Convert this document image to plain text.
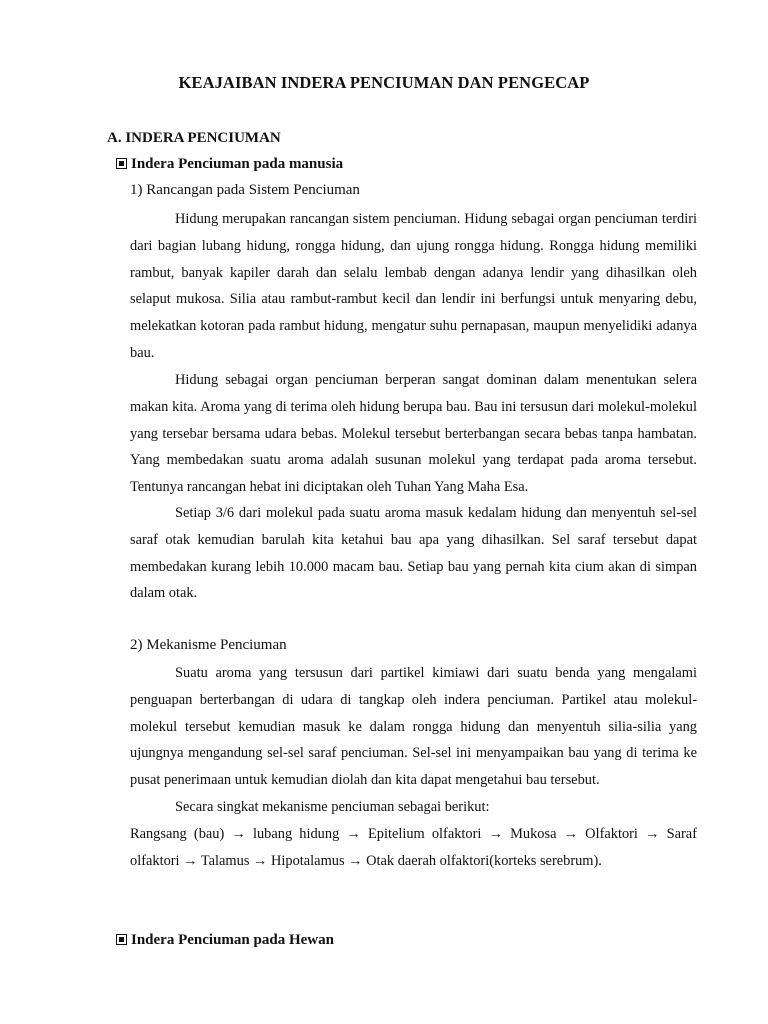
KEAJAIBAN INDERA PENCIUMAN DAN PENGECAP
A. INDERA PENCIUMAN
Indera Penciuman pada manusia
1) Rancangan pada Sistem Penciuman

Hidung merupakan rancangan sistem penciuman. Hidung sebagai organ penciuman terdiri dari bagian lubang hidung, rongga hidung, dan ujung rongga hidung. Rongga hidung memiliki rambut, banyak kapiler darah dan selalu lembab dengan adanya lendir yang dihasilkan oleh selaput mukosa. Silia atau rambut-rambut kecil dan lendir ini berfungsi untuk menyaring debu, melekatkan kotoran pada rambut hidung, mengatur suhu pernapasan, maupun menyelidiki adanya bau.

Hidung sebagai organ penciuman berperan sangat dominan dalam menentukan selera makan kita. Aroma yang di terima oleh hidung berupa bau. Bau ini tersusun dari molekul-molekul yang tersebar bersama udara bebas. Molekul tersebut berterbangan secara bebas tanpa hambatan. Yang membedakan suatu aroma adalah susunan molekul yang terdapat pada aroma tersebut. Tentunya rancangan hebat ini diciptakan oleh Tuhan Yang Maha Esa.

Setiap 3/6 dari molekul pada suatu aroma masuk kedalam hidung dan menyentuh sel-sel saraf otak kemudian barulah kita ketahui bau apa yang dihasilkan. Sel saraf tersebut dapat membedakan kurang lebih 10.000 macam bau. Setiap bau yang pernah kita cium akan di simpan dalam otak.

2) Mekanisme Penciuman

Suatu aroma yang tersusun dari partikel kimiawi dari suatu benda yang mengalami penguapan berterbangan di udara di tangkap oleh indera penciuman. Partikel atau molekul-molekul tersebut kemudian masuk ke dalam rongga hidung dan menyentuh silia-silia yang ujungnya mengandung sel-sel saraf penciuman. Sel-sel ini menyampaikan bau yang di terima ke pusat penerimaan untuk kemudian diolah dan kita dapat mengetahui bau tersebut.

Secara singkat mekanisme penciuman sebagai berikut:

Rangsang (bau) → lubang hidung → Epitelium olfaktori → Mukosa → Olfaktori → Saraf olfaktori → Talamus → Hipotalamus → Otak daerah olfaktori(korteks serebrum).

Indera Penciuman pada Hewan
